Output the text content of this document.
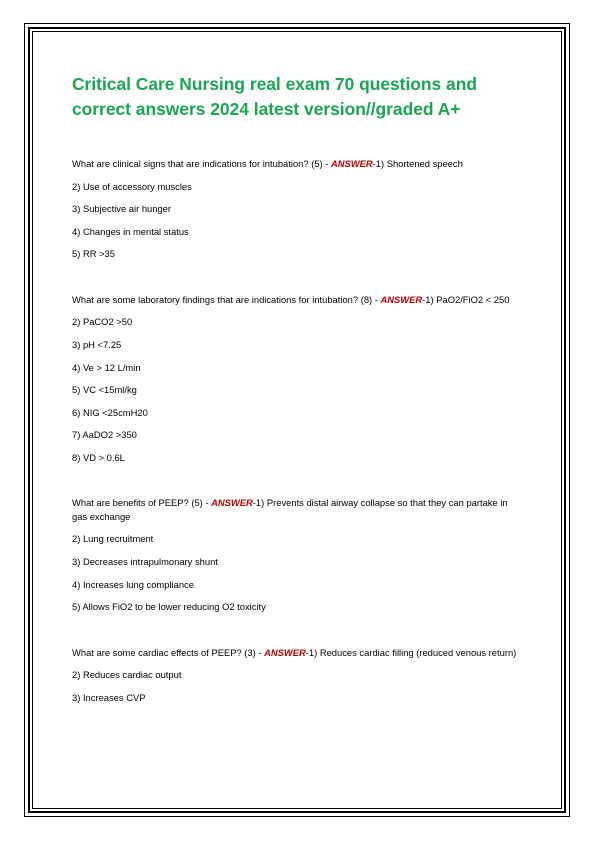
Critical Care Nursing real exam 70 questions and correct answers 2024 latest version//graded A+

What are clinical signs that are indications for intubation? (5) - ANSWER-1) Shortened speech

2) Use of accessory muscles

3) Subjective air hunger

4) Changes in mental status

5) RR >35

What are some laboratory findings that are indications for intubation? (8) - ANSWER-1) PaO2/FiO2 < 250

2) PaCO2 >50

3) pH <7.25

4) Ve > 12 L/min

5) VC <15ml/kg

6) NIG <25cmH20

7) AaDO2 >350

8) VD > 0.6L

What are benefits of PEEP? (5) - ANSWER-1) Prevents distal airway collapse so that they can partake in gas exchange

2) Lung recruitment

3) Decreases intrapulmonary shunt

4) Increases lung compliance

5) Allows FiO2 to be lower reducing O2 toxicity

What are some cardiac effects of PEEP? (3) - ANSWER-1) Reduces cardiac filling (reduced venous return)

2) Reduces cardiac output

3) Increases CVP
